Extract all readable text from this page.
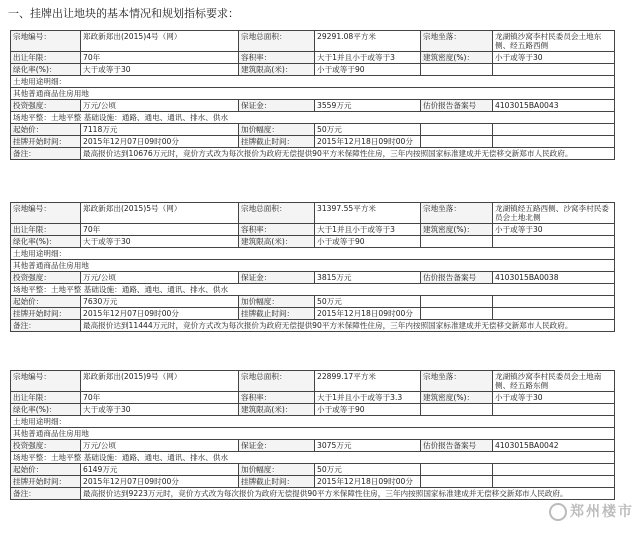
一、挂牌出让地块的基本情况和规划指标要求：
宗地编号：	郑政新郑出(2015)4号（网）	宗地总面积：	29291.08平方米	宗地坐落：	龙湖镇沙窝李村民委员会土地东侧、经五路西侧
出让年限：	70年	容积率：	大于1并且小于或等于3	建筑密度(%)：	小于或等于30
绿化率(%)：	大于或等于30	建筑限高(米)：	小于或等于90		
土地用途明细：					
其他普通商品住房用地					
投资强度：	万元/公顷	保证金：	3559万元	估价报告备案号	4103015BA0043
场地平整：土地平整 基础设施：通路、通电、通讯、排水、供水					
起始价：	7118万元	加价幅度：	50万元		
挂牌开始时间：	2015年12月07日09时00分	挂牌截止时间：	2015年12月18日09时00分		
备注：	最高报价达到10676万元时，竞价方式改为每次报价为政府无偿提供90平方米保障性住房，三年内按照国家标准建成并无偿移交新郑市人民政府。				
宗地编号：	郑政新郑出(2015)5号（网）	宗地总面积：	31397.55平方米	宗地坐落：	龙湖镇经五路西侧、沙窝李村民委员会土地北侧
出让年限：	70年	容积率：	大于1并且小于或等于3	建筑密度(%)：	小于或等于30
绿化率(%)：	大于或等于30	建筑限高(米)：	小于或等于90		
土地用途明细：					
其他普通商品住房用地					
投资强度：	万元/公顷	保证金：	3815万元	估价报告备案号	4103015BA0038
场地平整：土地平整 基础设施：通路、通电、通讯、排水、供水					
起始价：	7630万元	加价幅度：	50万元		
挂牌开始时间：	2015年12月07日09时00分	挂牌截止时间：	2015年12月18日09时00分		
备注：	最高报价达到11444万元时，竞价方式改为每次报价为政府无偿提供90平方米保障性住房，三年内按照国家标准建成并无偿移交新郑市人民政府。				
宗地编号：	郑政新郑出(2015)9号（网）	宗地总面积：	22899.17平方米	宗地坐落：	龙湖镇沙窝李村民委员会土地南侧、经五路东侧
出让年限：	70年	容积率：	大于1并且小于或等于3.3	建筑密度(%)：	小于或等于30
绿化率(%)：	大于或等于30	建筑限高(米)：	小于或等于90		
土地用途明细：					
其他普通商品住房用地					
投资强度：	万元/公顷	保证金：	3075万元	估价报告备案号	4103015BA0042
场地平整：土地平整 基础设施：通路、通电、通讯、排水、供水					
起始价：	6149万元	加价幅度：	50万元		
挂牌开始时间：	2015年12月07日09时00分	挂牌截止时间：	2015年12月18日09时00分		
备注：	最高报价达到9223万元时，竞价方式改为每次报价为政府无偿提供90平方米保障性住房，三年内按照国家标准建成并无偿移交新郑市人民政府。				
郑州楼市
